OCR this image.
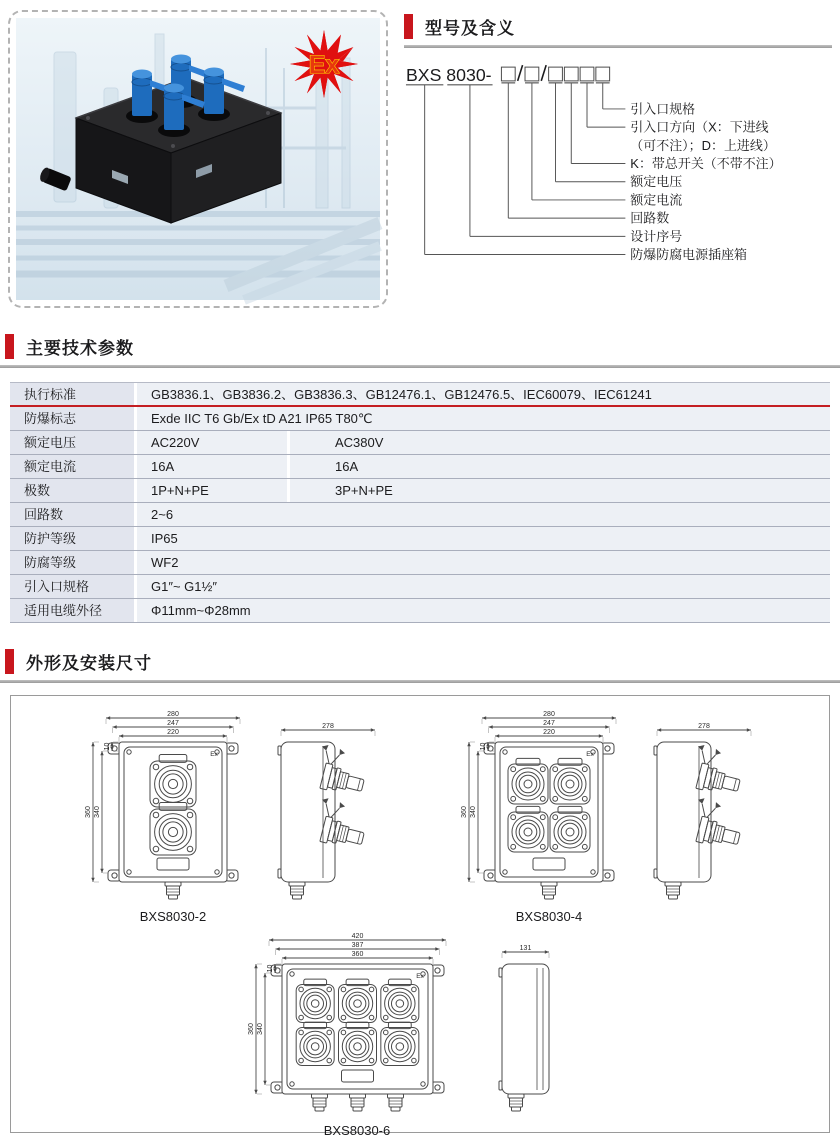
Ex
型号及含义
BXS 8030-
引入口规格
引入口方向（X：下进线
（可不注）；D：上进线）
K：带总开关（不带不注）
额定电压
额定电流
回路数
设计序号
防爆防腐电源插座箱
主要技术参数
执行标准	GB3836.1、GB3836.2、GB3836.3、GB12476.1、GB12476.5、IEC60079、IEC61241
防爆标志	Exde IIC T6 Gb/Ex tD A21 IP65 T80℃
额定电压	AC220V	AC380V
额定电流	16A	16A
极数	1P+N+PE	3P+N+PE
回路数	2~6
防护等级	IP65
防腐等级	WF2
引入口规格	G1″~ G1½″
适用电缆外径	Φ11mm~Φ28mm
外形及安装尺寸
Ex
220
247
280
360 340
10
278
BXS8030-2
Ex
220
247
280
360 340
10
278
BXS8030-4
Ex
360
387
420
360 340
10
131
BXS8030-6
